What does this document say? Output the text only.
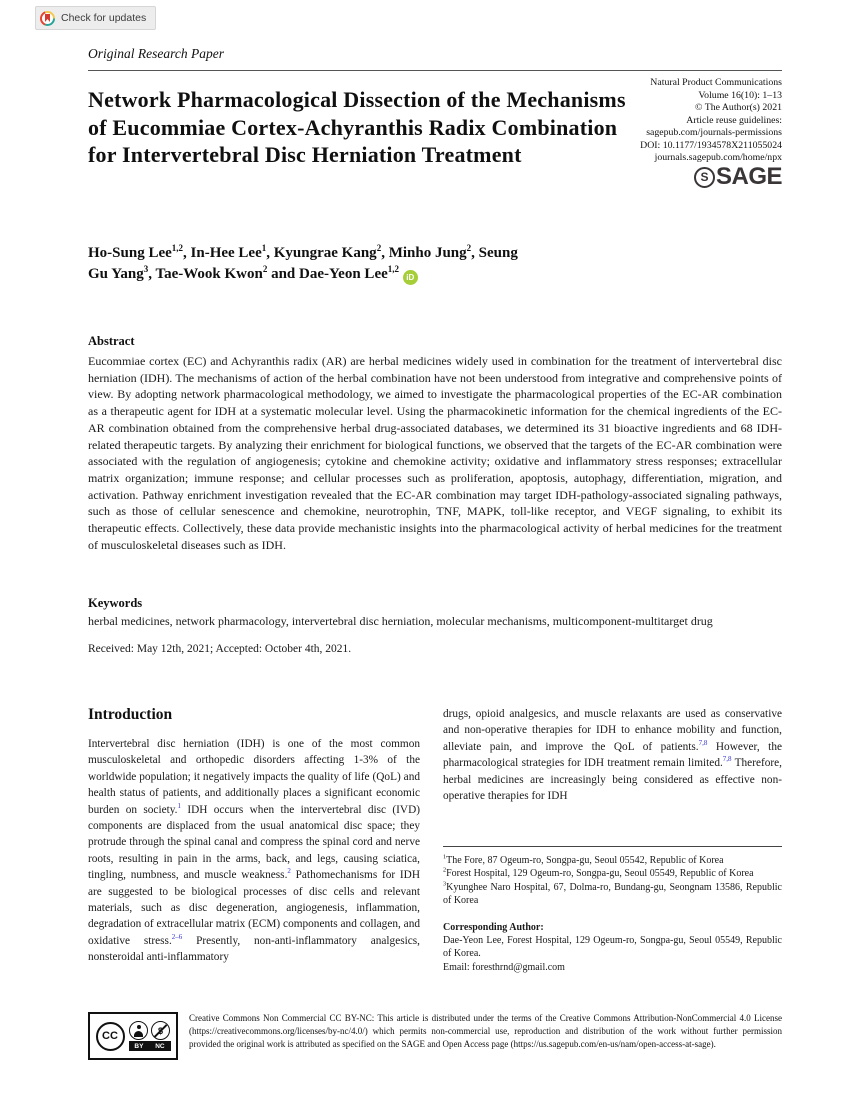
Check for updates
Original Research Paper
Natural Product Communications
Volume 16(10): 1–13
© The Author(s) 2021
Article reuse guidelines:
sagepub.com/journals-permissions
DOI: 10.1177/1934578X211055024
journals.sagepub.com/home/npx
S SAGE
Network Pharmacological Dissection of the Mechanisms of Eucommiae Cortex-Achyranthis Radix Combination for Intervertebral Disc Herniation Treatment
Ho-Sung Lee$^{1,2}$, In-Hee Lee$^1$, Kyungrae Kang$^2$, Minho Jung$^2$, Seung Gu Yang$^3$, Tae-Wook Kwon$^2$ and Dae-Yeon Lee$^{1,2}$ iD
Abstract
Eucommiae cortex (EC) and Achyranthis radix (AR) are herbal medicines widely used in combination for the treatment of intervertebral disc herniation (IDH). The mechanisms of action of the herbal combination have not been understood from integrative and comprehensive points of view. By adopting network pharmacological methodology, we aimed to investigate the pharmacological properties of the EC-AR combination as a therapeutic agent for IDH at a systematic molecular level. Using the pharmacokinetic information for the chemical ingredients of the EC-AR combination obtained from the comprehensive herbal drug-associated databases, we determined its 31 bioactive ingredients and 68 IDH-related therapeutic targets. By analyzing their enrichment for biological functions, we observed that the targets of the EC-AR combination were associated with the regulation of angiogenesis; cytokine and chemokine activity; oxidative and inflammatory stress responses; extracellular matrix organization; immune response; and cellular processes such as proliferation, apoptosis, autophagy, differentiation, migration, and activation. Pathway enrichment investigation revealed that the EC-AR combination may target IDH-pathology-associated signaling pathways, such as those of cellular senescence and chemokine, neurotrophin, TNF, MAPK, toll-like receptor, and VEGF signaling, to exhibit its therapeutic effects. Collectively, these data provide mechanistic insights into the pharmacological activity of herbal medicines for the treatment of musculoskeletal diseases such as IDH.
Keywords
herbal medicines, network pharmacology, intervertebral disc herniation, molecular mechanisms, multicomponent-multitarget drug
Received: May 12th, 2021; Accepted: October 4th, 2021.
Introduction

Intervertebral disc herniation (IDH) is one of the most common musculoskeletal and orthopedic disorders affecting 1-3% of the worldwide population; it negatively impacts the quality of life (QoL) and health status of patients, and additionally places a significant economic burden on society.$^1$ IDH occurs when the intervertebral disc (IVD) components are displaced from the usual anatomical disc space; they protrude through the spinal canal and compress the spinal cord and nerve roots, resulting in pain in the arms, back, and legs, causing sciatica, tingling, numbness, and muscle weakness.$^2$ Pathomechanisms for IDH are suggested to be biological processes of disc cells and relevant materials, such as disc degeneration, angiogenesis, inflammation, degradation of extracellular matrix (ECM) components and collagen, and oxidative stress.$^{2-6}$ Presently, non-anti-inflammatory analgesics, nonsteroidal anti-inflammatory

drugs, opioid analgesics, and muscle relaxants are used as conservative and non-operative therapies for IDH to enhance mobility and function, alleviate pain, and improve the QoL of patients.$^{7,8}$ However, the pharmacological strategies for IDH treatment remain limited.$^{7,8}$ Therefore, herbal medicines are increasingly being considered as effective non-operative therapies for IDH

$^1$The Fore, 87 Ogeum-ro, Songpa-gu, Seoul 05542, Republic of Korea
$^2$Forest Hospital, 129 Ogeum-ro, Songpa-gu, Seoul 05549, Republic of Korea
$^3$Kyunghee Naro Hospital, 67, Dolma-ro, Bundang-gu, Seongnam 13586, Republic of Korea
Corresponding Author:
Dae-Yeon Lee, Forest Hospital, 129 Ogeum-ro, Songpa-gu, Seoul 05549, Republic of Korea.
Email: foresthrnd@gmail.com
CC
BY NC
Creative Commons Non Commercial CC BY-NC: This article is distributed under the terms of the Creative Commons Attribution-NonCommercial 4.0 License (https://creativecommons.org/licenses/by-nc/4.0/) which permits non-commercial use, reproduction and distribution of the work without further permission provided the original work is attributed as specified on the SAGE and Open Access page (https://us.sagepub.com/en-us/nam/open-access-at-sage).
